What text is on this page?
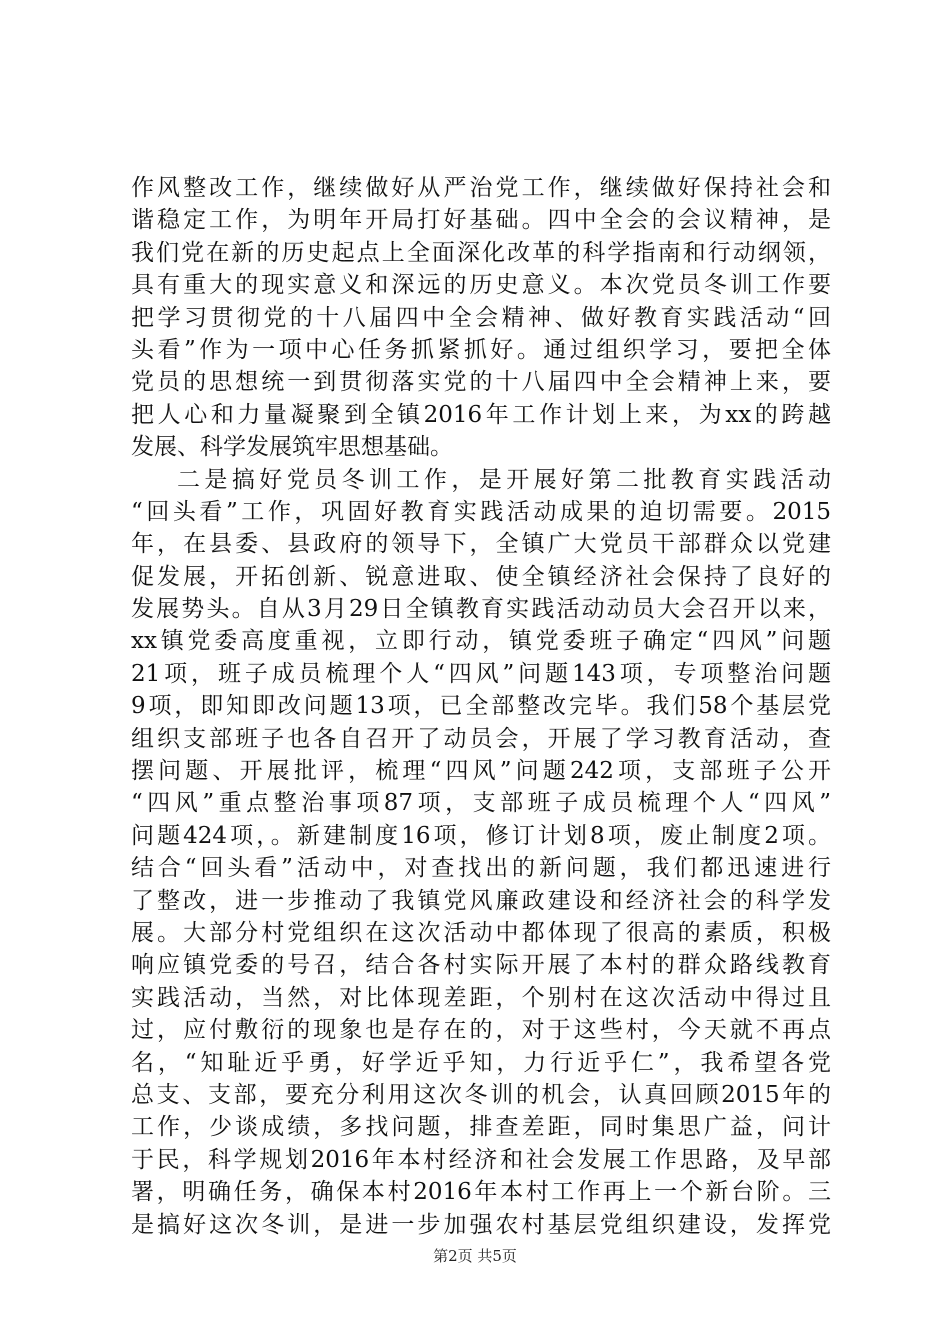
作风整改工作，继续做好从严治党工作，继续做好保持社会和
谐稳定工作，为明年开局打好基础。四中全会的会议精神，是
我们党在新的历史起点上全面深化改革的科学指南和行动纲领，
具有重大的现实意义和深远的历史意义。本次党员冬训工作要
把学习贯彻党的十八届四中全会精神、做好教育实践活动“回
头看”作为一项中心任务抓紧抓好。通过组织学习，要把全体
党员的思想统一到贯彻落实党的十八届四中全会精神上来，要
把人心和力量凝聚到全镇2016年工作计划上来，为xx的跨越
发展、科学发展筑牢思想基础。
二是搞好党员冬训工作，是开展好第二批教育实践活动
“回头看”工作，巩固好教育实践活动成果的迫切需要。2015
年，在县委、县政府的领导下，全镇广大党员干部群众以党建
促发展，开拓创新、锐意进取、使全镇经济社会保持了良好的
发展势头。自从3月29日全镇教育实践活动动员大会召开以来，
xx镇党委高度重视，立即行动，镇党委班子确定“四风”问题
21项，班子成员梳理个人“四风”问题143项，专项整治问题
9项，即知即改问题13项，已全部整改完毕。我们58个基层党
组织支部班子也各自召开了动员会，开展了学习教育活动，查
摆问题、开展批评，梳理“四风”问题242项，支部班子公开
“四风”重点整治事项87项，支部班子成员梳理个人“四风”
问题424项，。新建制度16项，修订计划8项，废止制度2项。
结合“回头看”活动中，对查找出的新问题，我们都迅速进行
了整改，进一步推动了我镇党风廉政建设和经济社会的科学发
展。大部分村党组织在这次活动中都体现了很高的素质，积极
响应镇党委的号召，结合各村实际开展了本村的群众路线教育
实践活动，当然，对比体现差距，个别村在这次活动中得过且
过，应付敷衍的现象也是存在的，对于这些村，今天就不再点
名，“知耻近乎勇，好学近乎知，力行近乎仁”，我希望各党
总支、支部，要充分利用这次冬训的机会，认真回顾2015年的
工作，少谈成绩，多找问题，排查差距，同时集思广益，问计
于民，科学规划2016年本村经济和社会发展工作思路，及早部
署，明确任务，确保本村2016年本村工作再上一个新台阶。三
是搞好这次冬训，是进一步加强农村基层党组织建设，发挥党
第2页 共5页
